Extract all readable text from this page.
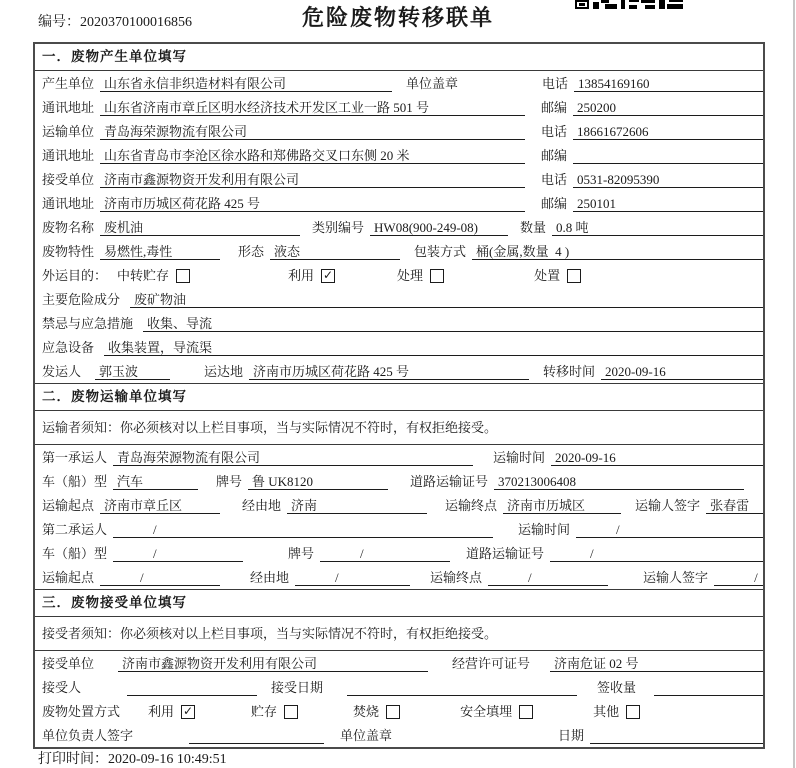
编号：2020370100016856	危险废物转移联单
一．废物产生单位填写
产生单位 山东省永信非织造材料有限公司	单位盖章	电话 13854169160
通讯地址 山东省济南市章丘区明水经济技术开发区工业一路 501 号	邮编 250200
运输单位 青岛海荣源物流有限公司	电话 18661672606
通讯地址 山东省青岛市李沧区徐水路和郑佛路交叉口东侧 20 米	邮编
接受单位 济南市鑫源物资开发利用有限公司	电话 0531-82095390
通讯地址 济南市历城区荷花路 425 号	邮编 250101
废物名称 废机油	类别编号 HW08(900-249-08)	数量 0.8 吨
废物特性 易燃性,毒性	形态 液态	包装方式 桶(金属,数量  4 )
外运目的： 中转贮存	利用 ✓	处理	处置
主要危险成分	废矿物油
禁忌与应急措施	收集、导流
应急设备	收集装置，导流渠
发运人	郭玉波	运达地 济南市历城区荷花路 425 号	转移时间 2020-09-16
二．废物运输单位填写
运输者须知：你必须核对以上栏目事项，当与实际情况不符时，有权拒绝接受。
第一承运人 青岛海荣源物流有限公司	运输时间 2020-09-16
车（船）型 汽车	牌号 鲁 UK8120	道路运输证号 370213006408
运输起点 济南市章丘区	经由地 济南	运输终点 济南市历城区	运输人签字 张春雷
第二承运人	/	运输时间	/
车（船）型	/	牌号	/	道路运输证号	/
运输起点	/	经由地	/	运输终点	/	运输人签字	/
三．废物接受单位填写
接受者须知：你必须核对以上栏目事项，当与实际情况不符时，有权拒绝接受。
接受单位	济南市鑫源物资开发利用有限公司	经营许可证号	济南危证 02 号
接受人	接受日期	签收量
废物处置方式 利用 ✓	贮存	焚烧	安全填埋	其他
单位负责人签字	单位盖章	日期
打印时间：2020-09-16 10:49:51
